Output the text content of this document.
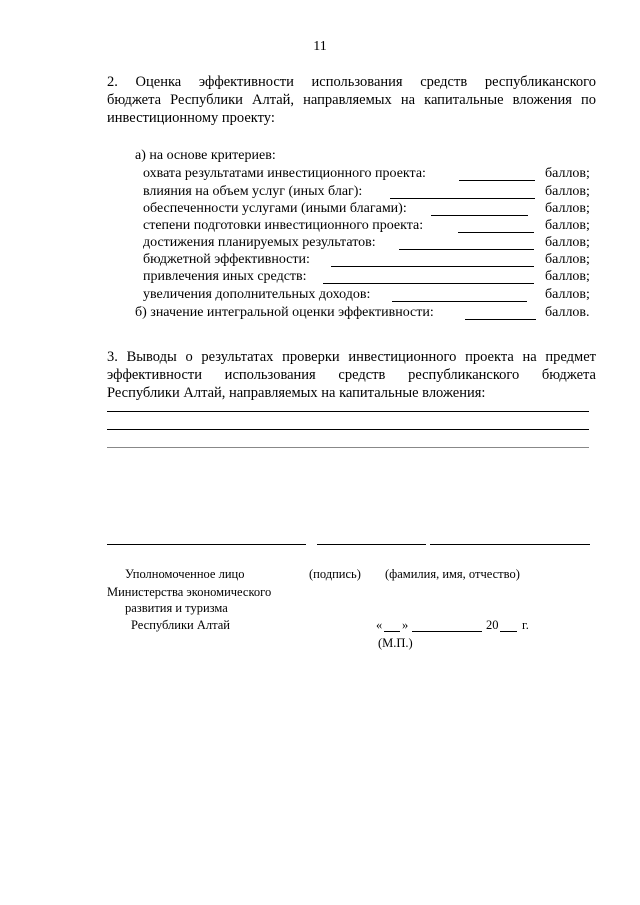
11
2. Оценка эффективности использования средств республиканского
бюджета Республики Алтай, направляемых на капитальные вложения по
инвестиционному проекту:
а) на основе критериев:
охвата результатами инвестиционного проекта:	баллов;
влияния на объем услуг (иных благ):	баллов;
обеспеченности услугами (иными благами):	баллов;
степени подготовки инвестиционного проекта:	баллов;
достижения планируемых результатов:	баллов;
бюджетной эффективности:	баллов;
привлечения иных средств:	баллов;
увеличения дополнительных доходов:	баллов;
б) значение интегральной оценки эффективности:	баллов.
3. Выводы о результатах проверки инвестиционного проекта на предмет
эффективности использования средств республиканского бюджета
Республики Алтай, направляемых на капитальные вложения:
Уполномоченное лицо	(подпись) (фамилия, имя, отчество)
Министерства экономического
развития и туризма
Республики Алтай	« »	20 г.
(М.П.)
